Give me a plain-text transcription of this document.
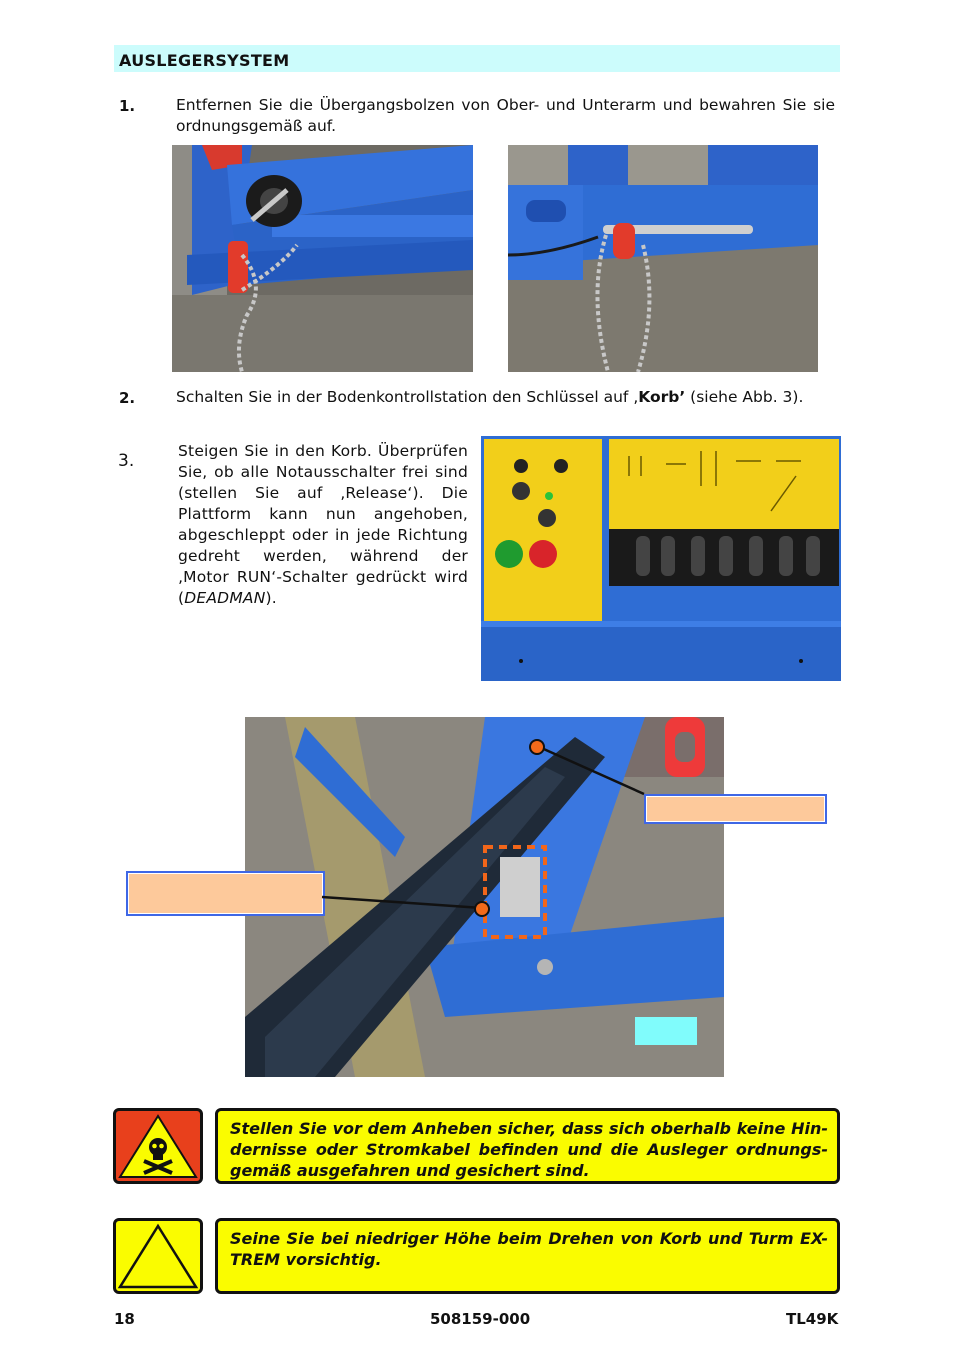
AUSLEGERSYSTEM
1.	Entfernen Sie die Übergangsbolzen von Ober- und Unterarm und bewahren Sie sie ordnungsgemäß auf.
2.	Schalten Sie in der Bodenkontrollstation den Schlüssel auf ‚Korb’ (siehe Abb. 3).
3.	Steigen Sie in den Korb. Überprüfen Sie, ob alle Notausschalter frei sind (stellen Sie auf ‚Release‘). Die Plattform kann nun angehoben, abgeschleppt oder in jede Richtung gedreht werden, während der ‚Motor RUN‘-Schalter gedrückt wird (DEADMAN).
Stellen Sie vor dem Anheben sicher, dass sich oberhalb keine Hin-dernisse oder Stromkabel befinden und die Ausleger ordnungs-gemäß ausgefahren und gesichert sind.
Seine Sie bei niedriger Höhe beim Drehen von Korb und Turm EX-TREM vorsichtig.
18	508159-000	TL49K
